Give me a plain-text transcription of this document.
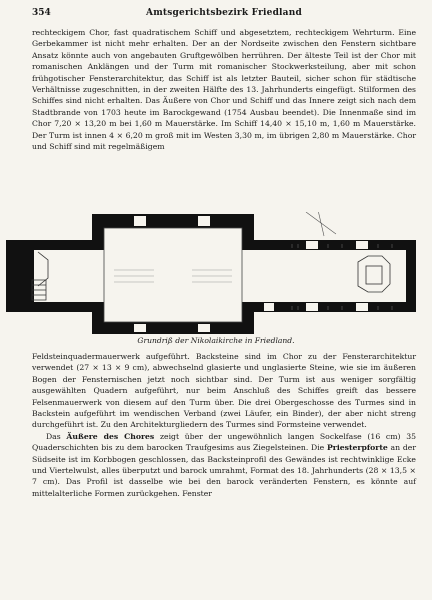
354	Amtsgerichtsbezirk Friedland

rechteckigem Chor, fast quadratischem Schiff und abgesetztem, rechteckigem Wehrturm. Eine Gerbekammer ist nicht mehr erhalten. Der an der Nordseite zwischen den Fenstern sichtbare Ansatz könnte auch von angebauten Gruftgewölben herrühren. Der älteste Teil ist der Chor mit romanischen Anklängen und der Turm mit romanischer Stockwerksteilung, aber mit schon frühgotischer Fensterarchitektur, das Schiff ist als letzter Bauteil, sicher schon für städtische Verhältnisse zugeschnitten, in der zweiten Hälfte des 13. Jahrhunderts eingefügt. Stilformen des Schiffes sind nicht erhalten. Das Äußere von Chor und Schiff und das Innere zeigt sich nach dem Stadtbrande von 1703 heute im Barockgewand (1754 Ausbau beendet). Die Innenmaße sind im Chor 7,20 × 13,20 m bei 1,60 m Mauerstärke. Im Schiff 14,40 × 15,10 m, 1,60 m Mauerstärke. Der Turm ist innen 4 × 6,20 m groß mit im Westen 3,30 m, im übrigen 2,80 m Mauerstärke. Chor und Schiff sind mit regelmäßigem

Grundriß der Nikolaikirche in Friedland.

Feldsteinquadermauerwerk aufgeführt. Backsteine sind im Chor zu der Fensterarchitektur verwendet (27 × 13 × 9 cm), abwechselnd glasierte und unglasierte Steine, wie sie im äußeren Bogen der Fensternischen jetzt noch sichtbar sind. Der Turm ist aus weniger sorgfältig ausgewählten Quadern aufgeführt, nur beim Anschluß des Schiffes greift das bessere Felsenmauerwerk von diesem auf den Turm über. Die drei Obergeschosse des Turmes sind in Backstein aufgeführt im wendischen Verband (zwei Läufer, ein Binder), der aber nicht streng durchgeführt ist. Zu den Architekturgliedern des Turmes sind Formsteine verwendet.

Das Äußere des Chores zeigt über der ungewöhnlich langen Sockelfase (16 cm) 35 Quaderschichten bis zu dem barocken Traufgesims aus Ziegelsteinen. Die Priesterpforte an der Südseite ist im Korbbogen geschlossen, das Backsteinprofil des Gewändes ist rechtwinklige Ecke und Viertelwulst, alles überputzt und barock umrahmt, Format des 18. Jahrhunderts (28 × 13,5 × 7 cm). Das Profil ist dasselbe wie bei den barock veränderten Fenstern, es könnte auf mittelalterliche Formen zurückgehen. Fenster
